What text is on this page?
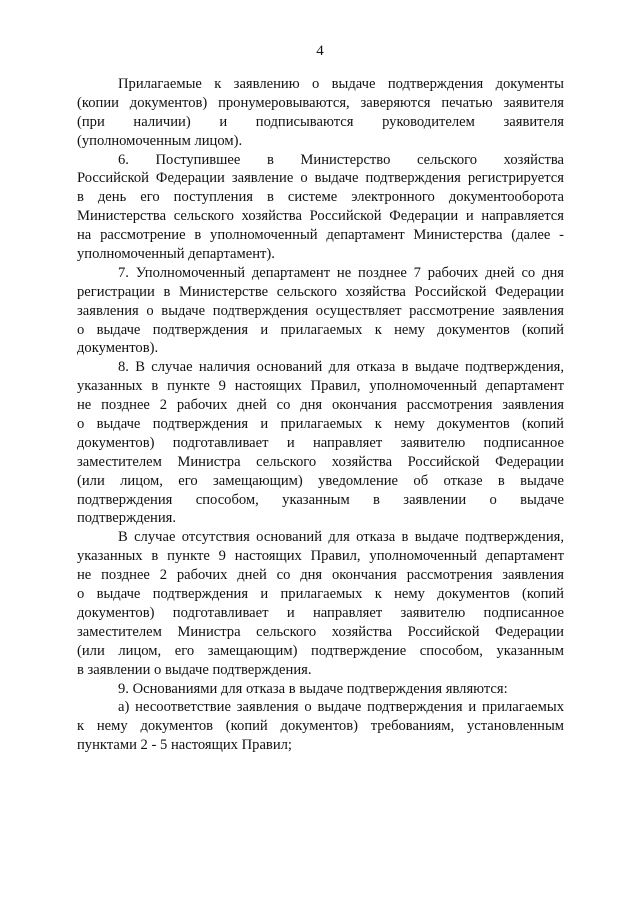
4
Прилагаемые к заявлению о выдаче подтверждения документы
(копии документов) пронумеровываются, заверяются печатью заявителя
(при наличии) и подписываются руководителем заявителя
(уполномоченным лицом).
6. Поступившее в Министерство сельского хозяйства
Российской Федерации заявление о выдаче подтверждения регистрируется
в день его поступления в системе электронного документооборота
Министерства сельского хозяйства Российской Федерации и направляется
на рассмотрение в уполномоченный департамент Министерства (далее -
уполномоченный департамент).
7. Уполномоченный департамент не позднее 7 рабочих дней со дня
регистрации в Министерстве сельского хозяйства Российской Федерации
заявления о выдаче подтверждения осуществляет рассмотрение заявления
о выдаче подтверждения и прилагаемых к нему документов (копий
документов).
8. В случае наличия оснований для отказа в выдаче подтверждения,
указанных в пункте 9 настоящих Правил, уполномоченный департамент
не позднее 2 рабочих дней со дня окончания рассмотрения заявления
о выдаче подтверждения и прилагаемых к нему документов (копий
документов) подготавливает и направляет заявителю подписанное
заместителем Министра сельского хозяйства Российской Федерации
(или лицом, его замещающим) уведомление об отказе в выдаче
подтверждения способом, указанным в заявлении о выдаче
подтверждения.
В случае отсутствия оснований для отказа в выдаче подтверждения,
указанных в пункте 9 настоящих Правил, уполномоченный департамент
не позднее 2 рабочих дней со дня окончания рассмотрения заявления
о выдаче подтверждения и прилагаемых к нему документов (копий
документов) подготавливает и направляет заявителю подписанное
заместителем Министра сельского хозяйства Российской Федерации
(или лицом, его замещающим) подтверждение способом, указанным
в заявлении о выдаче подтверждения.
9. Основаниями для отказа в выдаче подтверждения являются:
а) несоответствие заявления о выдаче подтверждения и прилагаемых
к нему документов (копий документов) требованиям, установленным
пунктами 2 - 5 настоящих Правил;
